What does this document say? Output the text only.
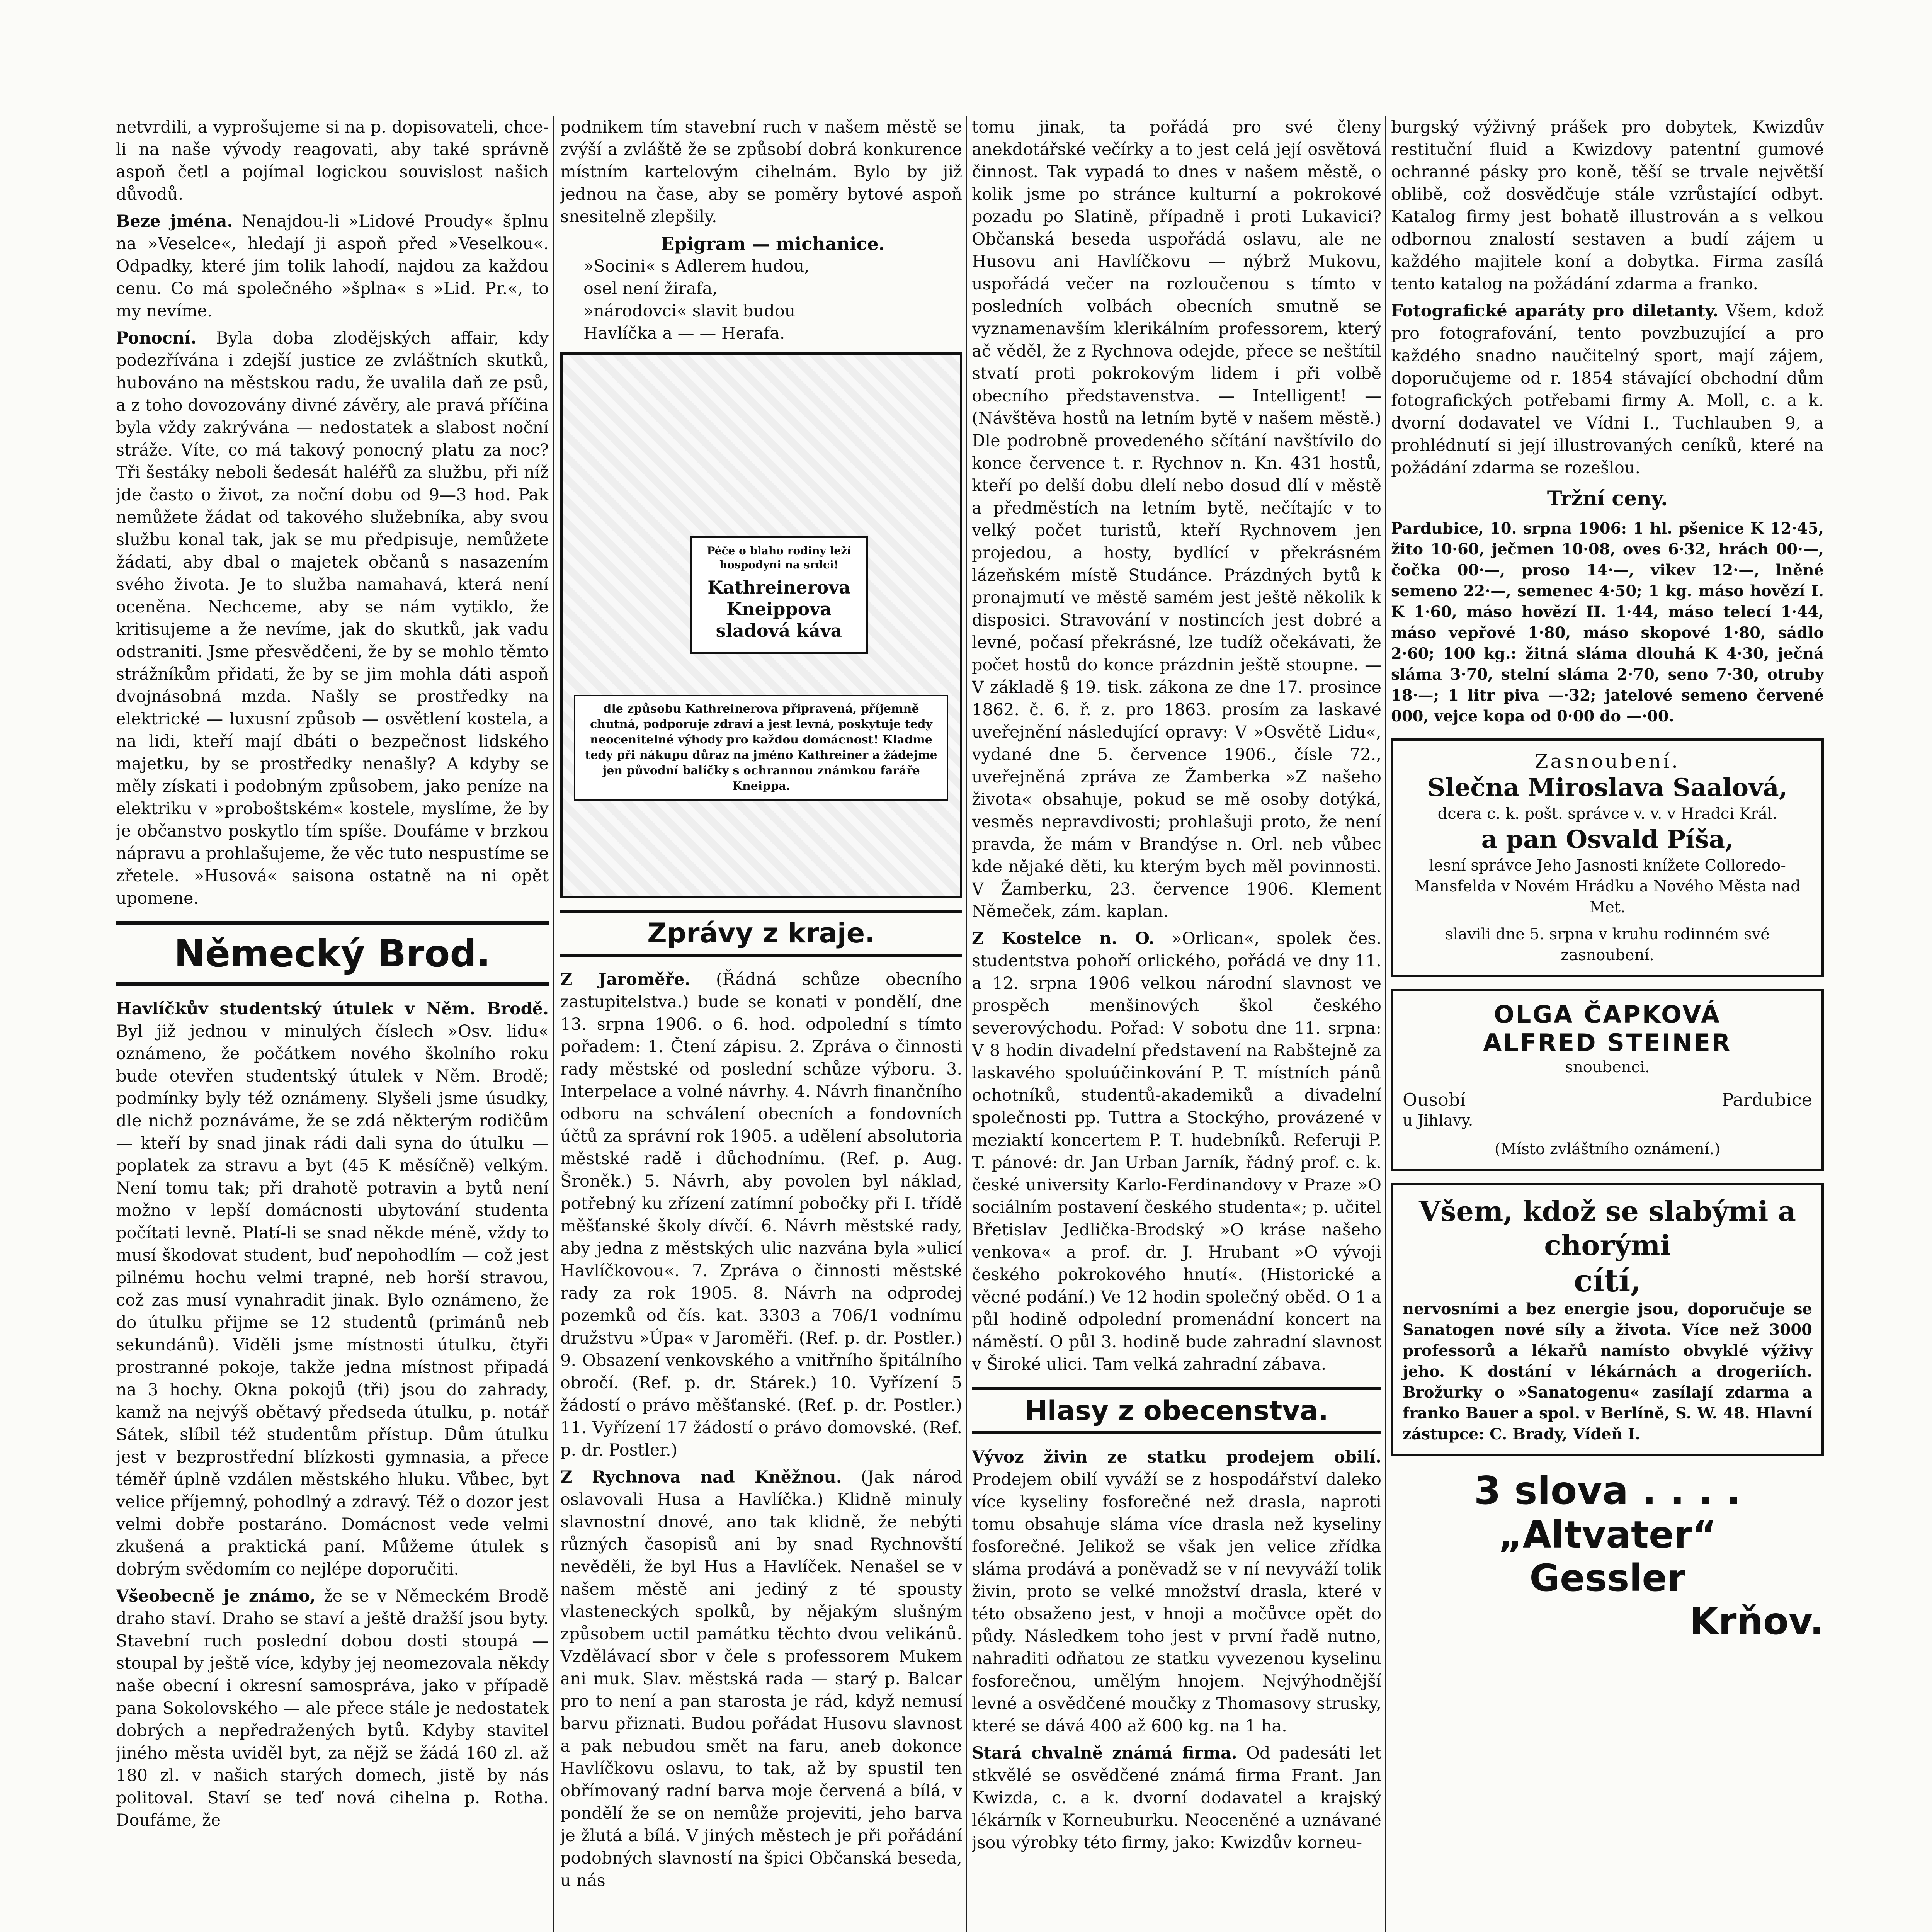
netvrdili, a vyprošujeme si na p. dopisovateli, chce-li na naše vývody reagovati, aby také správně aspoň četl a pojímal logickou souvislost našich důvodů.

Beze jména. Nenajdou-li »Lidové Proudy« šplnu na »Veselce«, hledají ji aspoň před »Veselkou«. Odpadky, které jim tolik lahodí, najdou za každou cenu. Co má společného »šplna« s »Lid. Pr.«, to my nevíme.

Ponocní. Byla doba zlodějských affair, kdy podezřívána i zdejší justice ze zvláštních skutků, hubováno na městskou radu, že uvalila daň ze psů, a z toho dovozovány divné závěry, ale pravá příčina byla vždy zakrývána — nedostatek a slabost noční stráže. Víte, co má takový ponocný platu za noc? Tři šestáky neboli šedesát haléřů za službu, při níž jde často o život, za noční dobu od 9—3 hod. Pak nemůžete žádat od takového služebníka, aby svou službu konal tak, jak se mu předpisuje, nemůžete žádati, aby dbal o majetek občanů s nasazením svého života. Je to služba namahavá, která není oceněna. Nechceme, aby se nám vytiklo, že kritisujeme a že nevíme, jak do skutků, jak vadu odstraniti. Jsme přesvědčeni, že by se mohlo těmto strážníkům přidati, že by se jim mohla dáti aspoň dvojnásobná mzda. Našly se prostředky na elektrické — luxusní způsob — osvětlení kostela, a na lidi, kteří mají dbáti o bezpečnost lidského majetku, by se prostředky nenašly? A kdyby se měly získati i podobným způsobem, jako peníze na elektriku v »proboštském« kostele, myslíme, že by je občanstvo poskytlo tím spíše. Doufáme v brzkou nápravu a prohlašujeme, že věc tuto nespustíme se zřetele. »Husová« saisona ostatně na ni opět upomene.

Německý Brod.

Havlíčkův studentský útulek v Něm. Brodě. Byl již jednou v minulých číslech »Osv. lidu« oznámeno, že počátkem nového školního roku bude otevřen studentský útulek v Něm. Brodě; podmínky byly též oznámeny. Slyšeli jsme úsudky, dle nichž poznáváme, že se zdá některým rodičům — kteří by snad jinak rádi dali syna do útulku — poplatek za stravu a byt (45 K měsíčně) velkým. Není tomu tak; při drahotě potravin a bytů není možno v lepší domácnosti ubytování studenta počítati levně. Platí-li se snad někde méně, vždy to musí škodovat student, buď nepohodlím — což jest pilnému hochu velmi trapné, neb horší stravou, což zas musí vynahradit jinak. Bylo oznámeno, že do útulku přijme se 12 studentů (primánů neb sekundánů). Viděli jsme místnosti útulku, čtyři prostranné pokoje, takže jedna místnost připadá na 3 hochy. Okna pokojů (tři) jsou do zahrady, kamž na nejvýš obětavý předseda útulku, p. notář Sátek, slíbil též studentům přístup. Dům útulku jest v bezprostřední blízkosti gymnasia, a přece téměř úplně vzdálen městského hluku. Vůbec, byt velice příjemný, pohodlný a zdravý. Též o dozor jest velmi dobře postaráno. Domácnost vede velmi zkušená a praktická paní. Můžeme útulek s dobrým svědomím co nejlépe doporučiti.

Všeobecně je známo, že se v Německém Brodě draho staví. Draho se staví a ještě dražší jsou byty. Stavební ruch poslední dobou dosti stoupá — stoupal by ještě více, kdyby jej neomezovala někdy naše obecní i okresní samospráva, jako v případě pana Sokolovského — ale přece stále je nedostatek dobrých a nepředražených bytů. Kdyby stavitel jiného města uviděl byt, za nějž se žádá 160 zl. až 180 zl. v našich starých domech, jistě by nás politoval. Staví se teď nová cihelna p. Rotha. Doufáme, že

podnikem tím stavební ruch v našem městě se zvýší a zvláště že se způsobí dobrá konkurence místním kartelovým cihelnám. Bylo by již jednou na čase, aby se poměry bytové aspoň snesitelně zlepšily.

Epigram — michanice.
»Socini« s Adlerem hudou,
osel není žirafa,
»národovci« slavit budou
Havlíčka a — — Herafa.
Péče o blaho rodiny leží hospodyni na srdci!
Kathreinerova Kneippova sladová káva
dle způsobu Kathreinerova připravená, příjemně chutná, podporuje zdraví a jest levná, poskytuje tedy neocenitelné výhody pro každou domácnost! Kladme tedy při nákupu důraz na jméno Kathreiner a žádejme jen původní balíčky s ochrannou známkou faráře Kneippa.
Zprávy z kraje.

Z Jaroměře. (Řádná schůze obecního zastupitelstva.) bude se konati v pondělí, dne 13. srpna 1906. o 6. hod. odpolední s tímto pořadem: 1. Čtení zápisu. 2. Zpráva o činnosti rady městské od poslední schůze výboru. 3. Interpelace a volné návrhy. 4. Návrh finančního odboru na schválení obecních a fondovních účtů za správní rok 1905. a udělení absolutoria městské radě i důchodnímu. (Ref. p. Aug. Šroněk.) 5. Návrh, aby povolen byl náklad, potřebný ku zřízení zatímní pobočky při I. třídě měšťanské školy dívčí. 6. Návrh městské rady, aby jedna z městských ulic nazvána byla »ulicí Havlíčkovou«. 7. Zpráva o činnosti městské rady za rok 1905. 8. Návrh na odprodej pozemků od čís. kat. 3303 a 706/1 vodnímu družstvu »Úpa« v Jaroměři. (Ref. p. dr. Postler.) 9. Obsazení venkovského a vnitřního špitálního obročí. (Ref. p. dr. Stárek.) 10. Vyřízení 5 žádostí o právo měšťanské. (Ref. p. dr. Postler.) 11. Vyřízení 17 žádostí o právo domovské. (Ref. p. dr. Postler.)

Z Rychnova nad Kněžnou. (Jak národ oslavovali Husa a Havlíčka.) Klidně minuly slavnostní dnové, ano tak klidně, že nebýti různých časopisů ani by snad Rychnovští nevěděli, že byl Hus a Havlíček. Nenašel se v našem městě ani jediný z té spousty vlasteneckých spolků, by nějakým slušným způsobem uctil památku těchto dvou velikánů. Vzdělávací sbor v čele s professorem Mukem ani muk. Slav. městská rada — starý p. Balcar pro to není a pan starosta je rád, když nemusí barvu přiznati. Budou pořádat Husovu slavnost a pak nebudou smět na faru, aneb dokonce Havlíčkovu oslavu, to tak, až by spustil ten obřímovaný radní barva moje červená a bílá, v pondělí že se on nemůže projeviti, jeho barva je žlutá a bílá. V jiných městech je při pořádání podobných slavností na špici Občanská beseda, u nás

tomu jinak, ta pořádá pro své členy anekdotářské večírky a to jest celá její osvětová činnost. Tak vypadá to dnes v našem městě, o kolik jsme po stránce kulturní a pokrokové pozadu po Slatině, případně i proti Lukavici? Občanská beseda uspořádá oslavu, ale ne Husovu ani Havlíčkovu — nýbrž Mukovu, uspořádá večer na rozloučenou s tímto v posledních volbách obecních smutně se vyznamenavším klerikálním professorem, který ač věděl, že z Rychnova odejde, přece se neštítil stvatí proti pokrokovým lidem i při volbě obecního představenstva. — Intelligent! — (Návštěva hostů na letním bytě v našem městě.) Dle podrobně provedeného sčítání navštívilo do konce července t. r. Rychnov n. Kn. 431 hostů, kteří po delší dobu dlelí nebo dosud dlí v městě a předměstích na letním bytě, nečítajíc v to velký počet turistů, kteří Rychnovem jen projedou, a hosty, bydlící v překrásném lázeňském místě Studánce. Prázdných bytů k pronajmutí ve městě samém jest ještě několik k disposici. Stravování v nostincích jest dobré a levné, počasí překrásné, lze tudíž očekávati, že počet hostů do konce prázdnin ještě stoupne. — V základě § 19. tisk. zákona ze dne 17. prosince 1862. č. 6. ř. z. pro 1863. prosím za laskavé uveřejnění následující opravy: V »Osvětě Lidu«, vydané dne 5. července 1906., čísle 72., uveřejněná zpráva ze Žamberka »Z našeho života« obsahuje, pokud se mě osoby dotýká, vesměs nepravdivosti; prohlašuji proto, že není pravda, že mám v Brandýse n. Orl. neb vůbec kde nějaké děti, ku kterým bych měl povinnosti. V Žamberku, 23. července 1906. Klement Němeček, zám. kaplan.

Z Kostelce n. O. »Orlican«, spolek čes. studentstva pohoří orlického, pořádá ve dny 11. a 12. srpna 1906 velkou národní slavnost ve prospěch menšinových škol českého severovýchodu. Pořad: V sobotu dne 11. srpna: V 8 hodin divadelní představení na Rabštejně za laskavého spoluúčinkování P. T. místních pánů ochotníků, studentů-akademiků a divadelní společnosti pp. Tuttra a Stockýho, provázené v meziaktí koncertem P. T. hudebníků. Referuji P. T. pánové: dr. Jan Urban Jarník, řádný prof. c. k. české university Karlo-Ferdinandovy v Praze »O sociálním postavení českého studenta«; p. učitel Břetislav Jedlička-Brodský »O kráse našeho venkova« a prof. dr. J. Hrubant »O vývoji českého pokrokového hnutí«. (Historické a věcné podání.) Ve 12 hodin společný oběd. O 1 a půl hodině odpolední promenádní koncert na náměstí. O půl 3. hodině bude zahradní slavnost v Široké ulici. Tam velká zahradní zábava.

Hlasy z obecenstva.

Vývoz živin ze statku prodejem obilí. Prodejem obilí vyváží se z hospodářství daleko více kyseliny fosforečné než drasla, naproti tomu obsahuje sláma více drasla než kyseliny fosforečné. Jelikož se však jen velice zřídka sláma prodává a poněvadž se v ní nevyváží tolik živin, proto se velké množství drasla, které v této obsaženo jest, v hnoji a močůvce opět do půdy. Následkem toho jest v první řadě nutno, nahraditi odňatou ze statku vyvezenou kyselinu fosforečnou, umělým hnojem. Nejvýhodnější levné a osvědčené moučky z Thomasovy strusky, které se dává 400 až 600 kg. na 1 ha.

Stará chvalně známá firma. Od padesáti let stkvělé se osvědčené známá firma Frant. Jan Kwizda, c. a k. dvorní dodavatel a krajský lékárník v Korneuburku. Neoceněné a uznávané jsou výrobky této firmy, jako: Kwizdův korneu-

burgský výživný prášek pro dobytek, Kwizdův restituční fluid a Kwizdovy patentní gumové ochranné pásky pro koně, těší se trvale největší oblibě, což dosvědčuje stále vzrůstající odbyt. Katalog firmy jest bohatě illustrován a s velkou odbornou znalostí sestaven a budí zájem u každého majitele koní a dobytka. Firma zasílá tento katalog na požádání zdarma a franko.

Fotografické aparáty pro diletanty. Všem, kdož pro fotografování, tento povzbuzující a pro každého snadno naučitelný sport, mají zájem, doporučujeme od r. 1854 stávající obchodní dům fotografických potřebami firmy A. Moll, c. a k. dvorní dodavatel ve Vídni I., Tuchlauben 9, a prohlédnutí si její illustrovaných ceníků, které na požádání zdarma se rozešlou.

Tržní ceny.

Pardubice, 10. srpna 1906: 1 hl. pšenice K 12·45, žito 10·60, ječmen 10·08, oves 6·32, hrách 00·—, čočka 00·—, proso 14·—, vikev 12·—, lněné semeno 22·—, semenec 4·50; 1 kg. máso hovězí I. K 1·60, máso hovězí II. 1·44, máso telecí 1·44, máso vepřové 1·80, máso skopové 1·80, sádlo 2·60; 100 kg.: žitná sláma dlouhá K 4·30, ječná sláma 3·70, stelní sláma 2·70, seno 7·30, otruby 18·—; 1 litr piva —·32; jatelové semeno červené 000, vejce kopa od 0·00 do —·00.

Zasnoubení.
Slečna Miroslava Saalová,
dcera c. k. pošt. správce v. v. v Hradci Král.
a pan Osvald Píša,
lesní správce Jeho Jasnosti knížete Colloredo-Mansfelda v Novém Hrádku a Nového Města nad Met.
slavili dne 5. srpna v kruhu rodinném své zasnoubení.
OLGA ČAPKOVÁ
ALFRED STEINER
snoubenci.
Ousobí	Pardubice
u Jihlavy.
(Místo zvláštního oznámení.)
Všem, kdož se slabými a chorými
cítí,
nervosními a bez energie jsou, doporučuje se Sanatogen nové síly a života. Více než 3000 professorů a lékařů namísto obvyklé výživy jeho. K dostání v lékárnách a drogeriích. Brožurky o »Sanatogenu« zasílají zdarma a franko Bauer a spol. v Berlíně, S. W. 48. Hlavní zástupce: C. Brady, Vídeň I.
3 slova . . . .
„Altvater“
Gessler
Krňov.
